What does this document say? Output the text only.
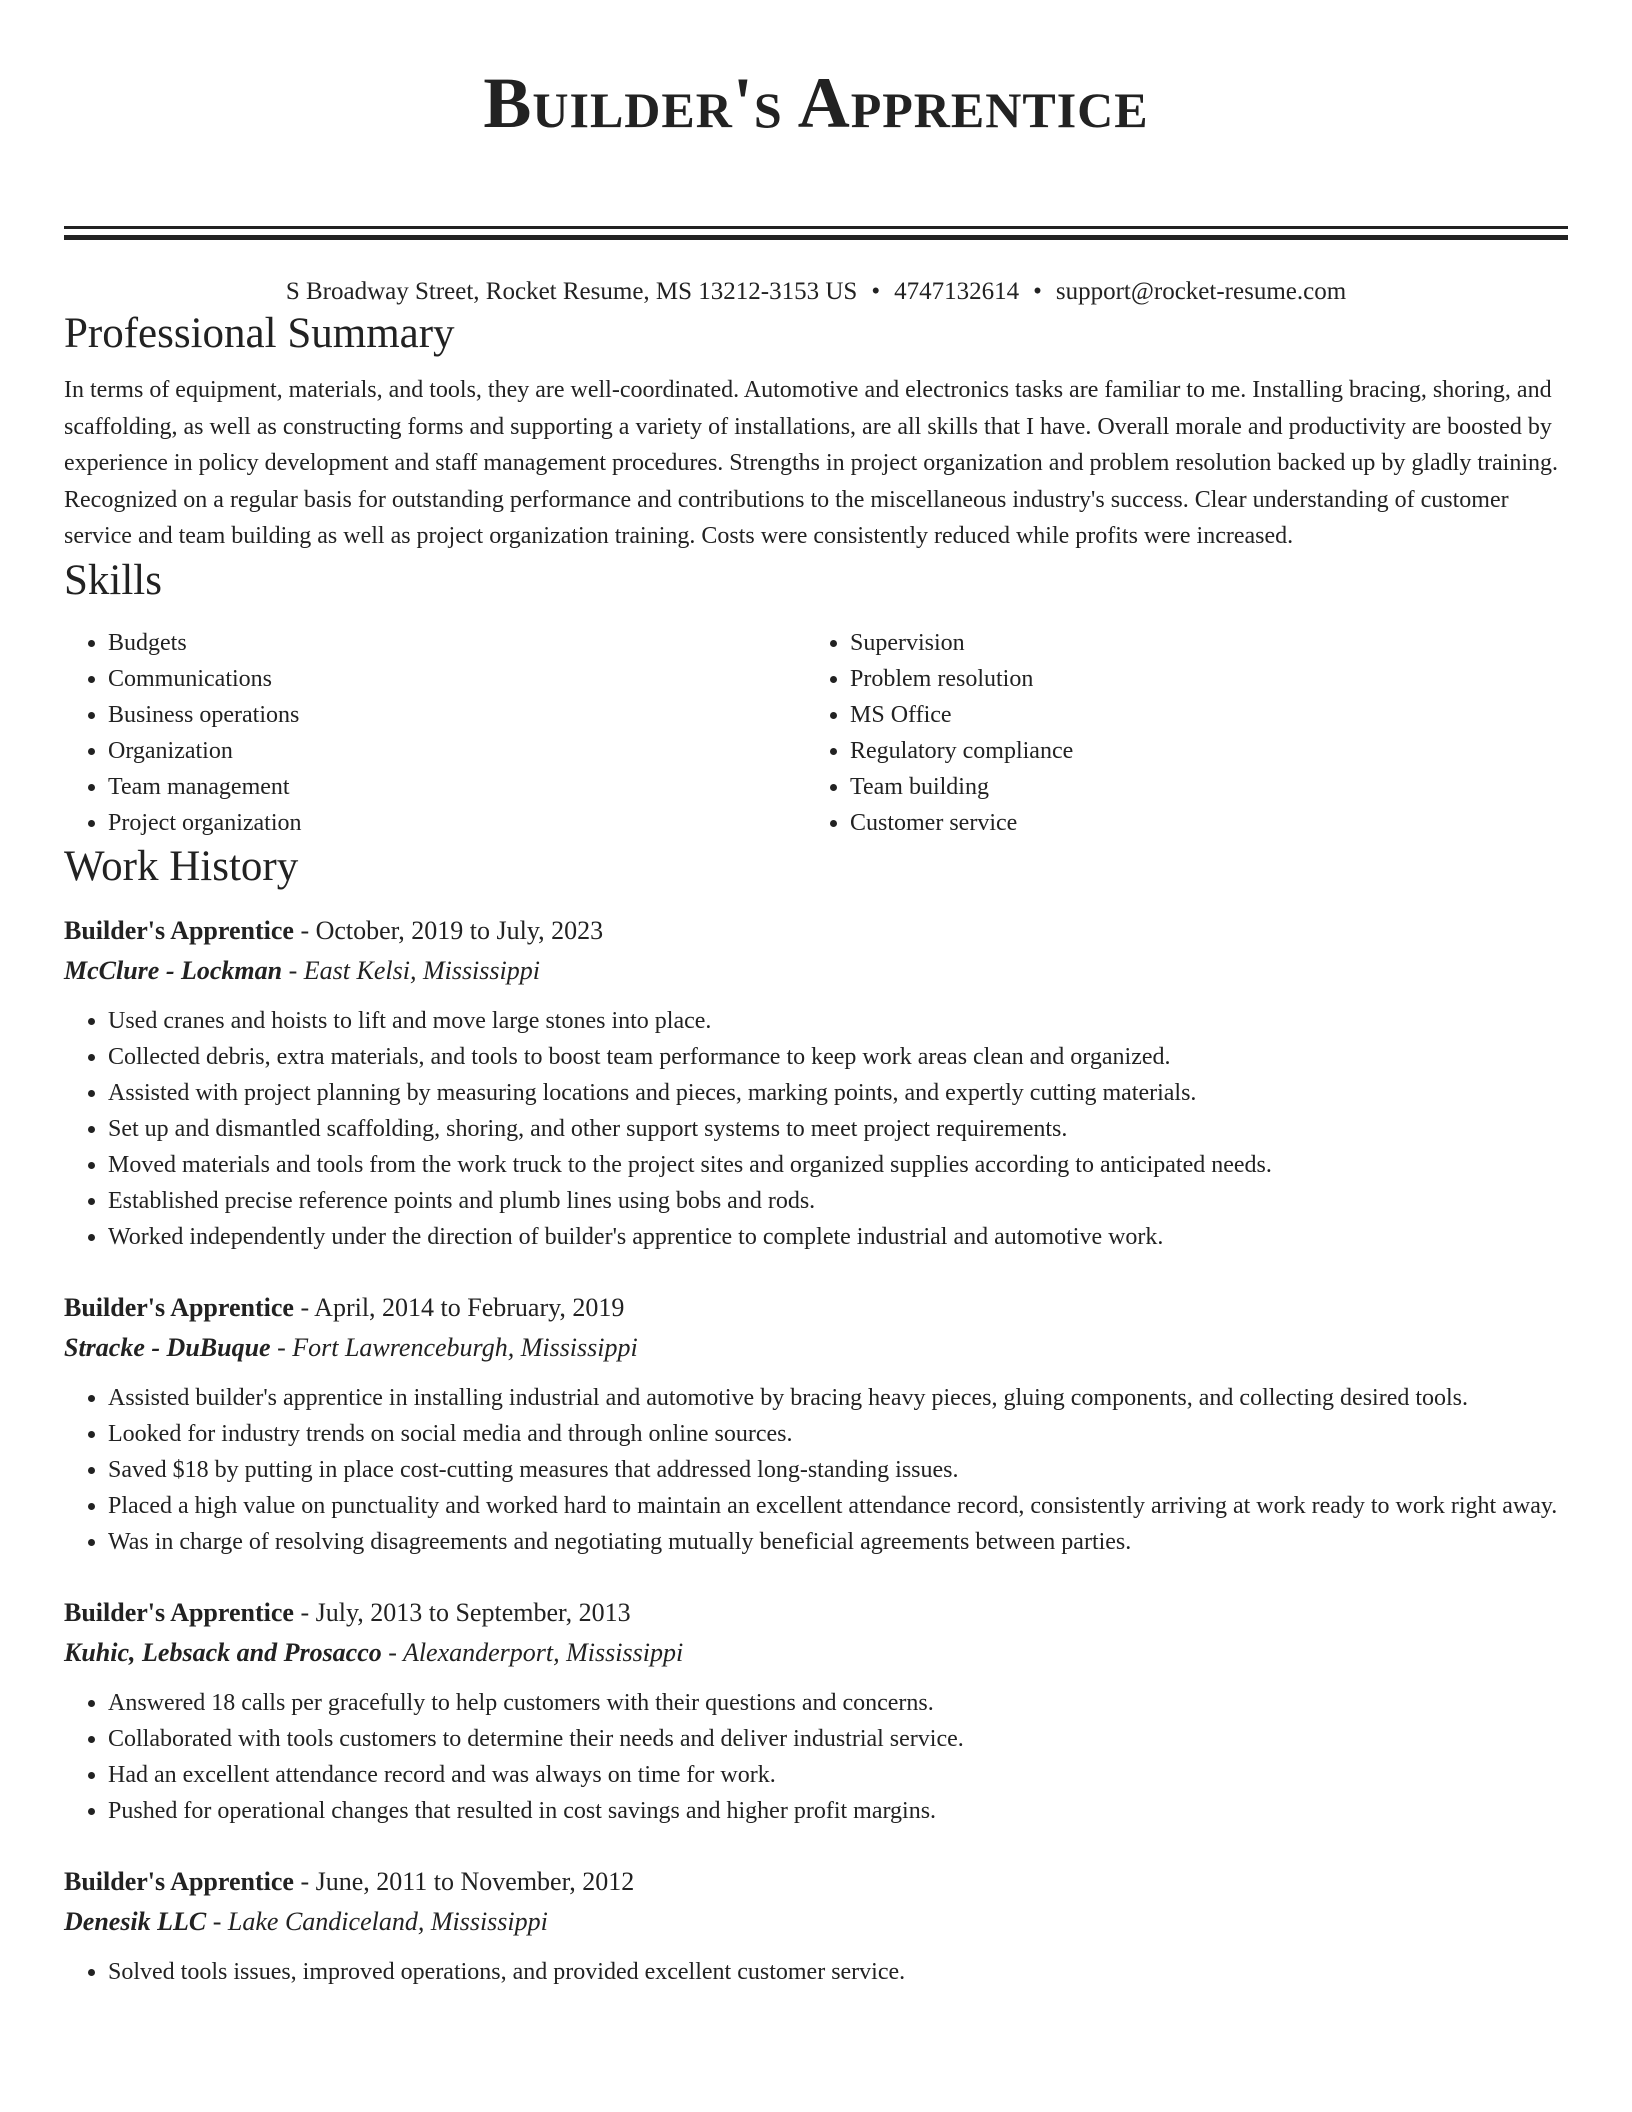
Builder's Apprentice
S Broadway Street, Rocket Resume, MS 13212-3153 US • 4747132614 • support@rocket-resume.com
Professional Summary

In terms of equipment, materials, and tools, they are well-coordinated. Automotive and electronics tasks are familiar to me. Installing bracing, shoring, and scaffolding, as well as constructing forms and supporting a variety of installations, are all skills that I have. Overall morale and productivity are boosted by experience in policy development and staff management procedures. Strengths in project organization and problem resolution backed up by gladly training. Recognized on a regular basis for outstanding performance and contributions to the miscellaneous industry's success. Clear understanding of customer service and team building as well as project organization training. Costs were consistently reduced while profits were increased.

Skills
• Budgets
• Communications
• Business operations
• Organization
• Team management
• Project organization
• Supervision
• Problem resolution
• MS Office
• Regulatory compliance
• Team building
• Customer service
Work History
Builder's Apprentice - October, 2019 to July, 2023
McClure - Lockman - East Kelsi, Mississippi
• Used cranes and hoists to lift and move large stones into place.
• Collected debris, extra materials, and tools to boost team performance to keep work areas clean and organized.
• Assisted with project planning by measuring locations and pieces, marking points, and expertly cutting materials.
• Set up and dismantled scaffolding, shoring, and other support systems to meet project requirements.
• Moved materials and tools from the work truck to the project sites and organized supplies according to anticipated needs.
• Established precise reference points and plumb lines using bobs and rods.
• Worked independently under the direction of builder's apprentice to complete industrial and automotive work.
Builder's Apprentice - April, 2014 to February, 2019
Stracke - DuBuque - Fort Lawrenceburgh, Mississippi
• Assisted builder's apprentice in installing industrial and automotive by bracing heavy pieces, gluing components, and collecting desired tools.
• Looked for industry trends on social media and through online sources.
• Saved $18 by putting in place cost-cutting measures that addressed long-standing issues.
• Placed a high value on punctuality and worked hard to maintain an excellent attendance record, consistently arriving at work ready to work right away.
• Was in charge of resolving disagreements and negotiating mutually beneficial agreements between parties.
Builder's Apprentice - July, 2013 to September, 2013
Kuhic, Lebsack and Prosacco - Alexanderport, Mississippi
• Answered 18 calls per gracefully to help customers with their questions and concerns.
• Collaborated with tools customers to determine their needs and deliver industrial service.
• Had an excellent attendance record and was always on time for work.
• Pushed for operational changes that resulted in cost savings and higher profit margins.
Builder's Apprentice - June, 2011 to November, 2012
Denesik LLC - Lake Candiceland, Mississippi
• Solved tools issues, improved operations, and provided excellent customer service.
